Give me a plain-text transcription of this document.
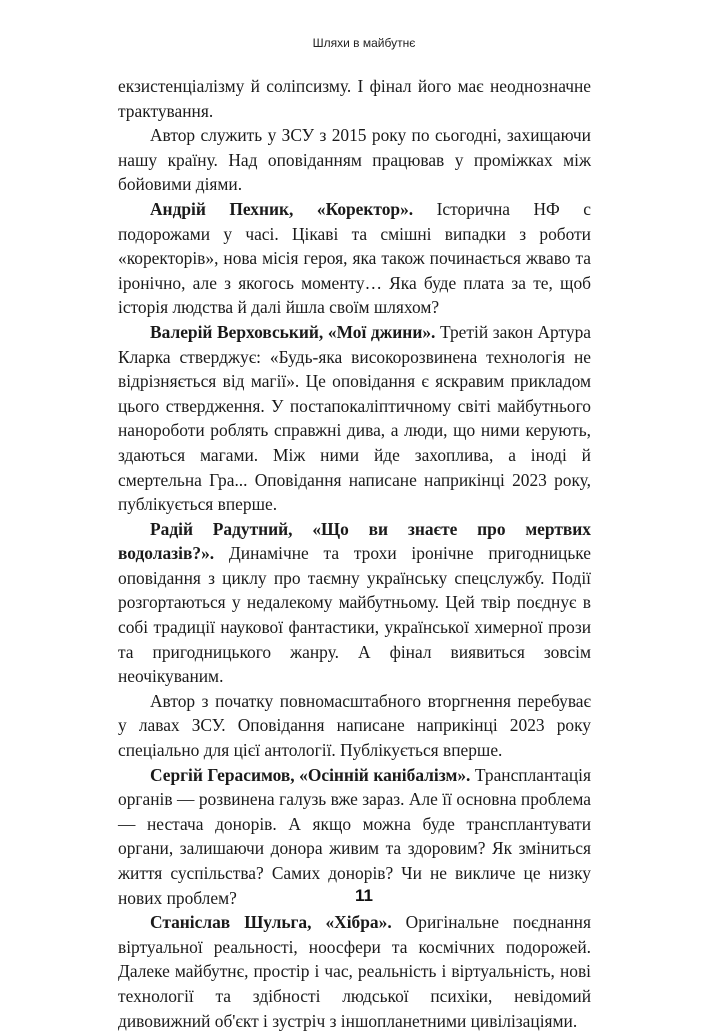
Шляхи в майбутнє

екзистенціалізму й соліпсизму. І фінал його має неоднозначне трактування.

Автор служить у ЗСУ з 2015 року по сьогодні, захищаючи нашу країну. Над оповіданням працював у проміжках між бойовими діями.

Андрій Пехник, «Коректор». Історична НФ с подорожами у часі. Цікаві та смішні випадки з роботи «коректорів», нова місія героя, яка також починається жваво та іронічно, але з якогось моменту… Яка буде плата за те, щоб історія людства й далі йшла своїм шляхом?

Валерій Верховський, «Мої джини». Третій закон Артура Кларка стверджує: «Будь-яка високорозвинена технологія не відрізняється від магії». Це оповідання є яскравим прикладом цього ствердження. У постапокаліптичному світі майбутнього нанороботи роблять справжні дива, а люди, що ними керують, здаються магами. Між ними йде захоплива, а іноді й смертельна Гра... Оповідання написане наприкінці 2023 року, публікується вперше.

Радій Радутний, «Що ви знаєте про мертвих водолазів?». Динамічне та трохи іронічне пригодницьке оповідання з циклу про таємну українську спецслужбу. Події розгортаються у недалекому майбутньому. Цей твір поєднує в собі традиції наукової фантастики, української химерної прози та пригодницького жанру. А фінал виявиться зовсім неочікуваним.

Автор з початку повномасштабного вторгнення перебуває у лавах ЗСУ. Оповідання написане наприкінці 2023 року спеціально для цієї антології. Публікується вперше.

Сергій Герасимов, «Осінній канібалізм». Трансплантація органів — розвинена галузь вже зараз. Але її основна проблема — нестача донорів. А якщо можна буде трансплантувати органи, залишаючи донора живим та здоровим? Як зміниться життя суспільства? Самих донорів? Чи не викличе це низку нових проблем?

Станіслав Шульга, «Хібра». Оригінальне поєднання віртуальної реальності, ноосфери та космічних подорожей. Далеке майбутнє, простір і час, реальність і віртуальність, нові технології та здібності людської психіки, невідомий дивовижний об'єкт і зустріч з іншопланетними цивілізаціями.

11
